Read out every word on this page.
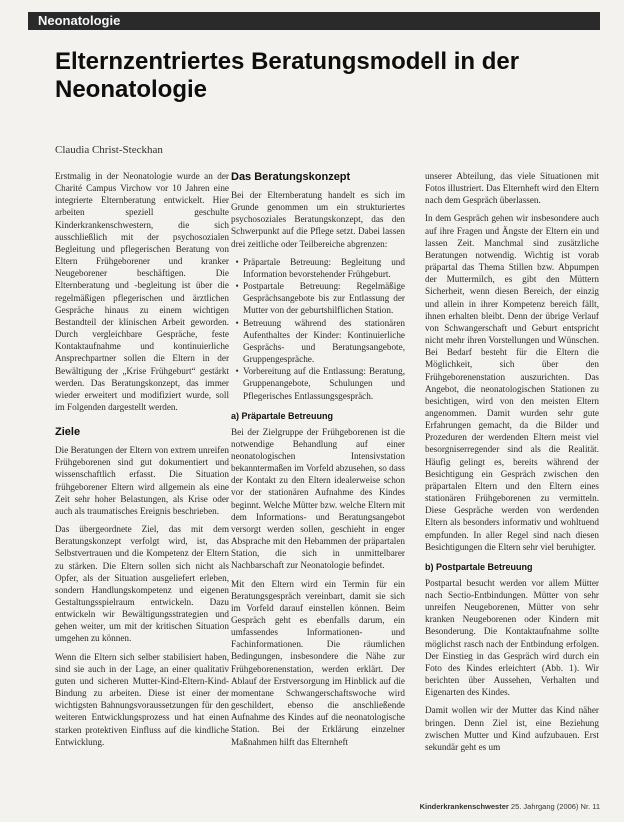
Neonatologie
Elternzentriertes Beratungsmodell in der Neonatologie
Claudia Christ-Steckhan

Erstmalig in der Neonatologie wurde an der Charité Campus Virchow vor 10 Jahren eine integrierte Elternberatung entwickelt. Hier arbeiten speziell geschulte Kinderkrankenschwestern, die sich ausschließlich mit der psychosozialen Begleitung und pflegerischen Beratung von Eltern Frühgeborener und kranker Neugeborener beschäftigen. Die Elternberatung und -begleitung ist über die regelmäßigen pflegerischen und ärztlichen Gespräche hinaus zu einem wichtigen Bestandteil der klinischen Arbeit geworden. Durch vergleichbare Gespräche, feste Kontaktaufnahme und kontinuierliche Ansprechpartner sollen die Eltern in der Bewältigung der „Krise Frühgeburt“ gestärkt werden. Das Beratungskonzept, das immer wieder erweitert und modifiziert wurde, soll im Folgenden dargestellt werden.

Ziele

Die Beratungen der Eltern von extrem unreifen Frühgeborenen sind gut dokumentiert und wissenschaftlich erfasst. Die Situation frühgeborener Eltern wird allgemein als eine Zeit sehr hoher Belastungen, als Krise oder auch als traumatisches Ereignis beschrieben.

Das übergeordnete Ziel, das mit dem Beratungskonzept verfolgt wird, ist, das Selbstvertrauen und die Kompetenz der Eltern zu stärken. Die Eltern sollen sich nicht als Opfer, als der Situation ausgeliefert erleben, sondern Handlungskompetenz und eigenen Gestaltungsspielraum entwickeln. Dazu entwickeln wir Bewältigungsstrategien und gehen weiter, um mit der kritischen Situation umgehen zu können.

Wenn die Eltern sich selber stabilisiert haben, sind sie auch in der Lage, an einer qualitativ guten und sicheren Mutter-Kind-Eltern-Kind-Bindung zu arbeiten. Diese ist einer der wichtigsten Bahnungsvoraussetzungen für den weiteren Entwicklungsprozess und hat einen starken protektiven Einfluss auf die kindliche Entwicklung.

Das Beratungskonzept

Bei der Elternberatung handelt es sich im Grunde genommen um ein strukturiertes psychosoziales Beratungskonzept, das den Schwerpunkt auf die Pflege setzt. Dabei lassen drei zeitliche oder Teilbereiche abgrenzen:

• Präpartale Betreuung: Begleitung und Information bevorstehender Frühgeburt.
• Postpartale Betreuung: Regelmäßige Gesprächsangebote bis zur Entlassung der Mutter von der geburtshilflichen Station.
• Betreuung während des stationären Aufenthaltes der Kinder: Kontinuierliche Gesprächs- und Beratungsangebote, Gruppengespräche.
• Vorbereitung auf die Entlassung: Beratung, Gruppenangebote, Schulungen und Pflegerisches Entlassungsgespräch.
a) Präpartale Betreuung

Bei der Zielgruppe der Frühgeborenen ist die notwendige Behandlung auf einer neonatologischen Intensivstation bekanntermaßen im Vorfeld abzusehen, so dass der Kontakt zu den Eltern idealerweise schon vor der stationären Aufnahme des Kindes beginnt. Welche Mütter bzw. welche Eltern mit dem Informations- und Beratungsangebot versorgt werden sollen, geschieht in enger Absprache mit den Hebammen der präpartalen Station, die sich in unmittelbarer Nachbarschaft zur Neonatologie befindet.

Mit den Eltern wird ein Termin für ein Beratungsgespräch vereinbart, damit sie sich im Vorfeld darauf einstellen können. Beim Gespräch geht es ebenfalls darum, ein umfassendes Informationen- und Fachinformationen. Die räumlichen Bedingungen, insbesondere die Nähe zur Frühgeborenenstation, werden erklärt. Der Ablauf der Erstversorgung im Hinblick auf die momentane Schwangerschaftswoche wird geschildert, ebenso die anschließende Aufnahme des Kindes auf die neonatologische Station. Bei der Erklärung einzelner Maßnahmen hilft das Elternheft

unserer Abteilung, das viele Situationen mit Fotos illustriert. Das Elternheft wird den Eltern nach dem Gespräch überlassen.

In dem Gespräch gehen wir insbesondere auch auf ihre Fragen und Ängste der Eltern ein und lassen Zeit. Manchmal sind zusätzliche Beratungen notwendig. Wichtig ist vorab präpartal das Thema Stillen bzw. Abpumpen der Muttermilch, es gibt den Müttern Sicherheit, wenn diesen Bereich, der einzig und allein in ihrer Kompetenz bereich fällt, ihnen erhalten bleibt. Denn der übrige Verlauf von Schwangerschaft und Geburt entspricht nicht mehr ihren Vorstellungen und Wünschen. Bei Bedarf besteht für die Eltern die Möglichkeit, sich über den Frühgeborenenstation auszurichten. Das Angebot, die neonatologischen Stationen zu besichtigen, wird von den meisten Eltern angenommen. Damit wurden sehr gute Erfahrungen gemacht, da die Bilder und Prozeduren der werdenden Eltern meist viel besorgniserregender sind als die Realität. Häufig gelingt es, bereits während der Besichtigung ein Gespräch zwischen den präpartalen Eltern und den Eltern eines stationären Frühgeborenen zu vermitteln. Diese Gespräche werden von werdenden Eltern als besonders informativ und wohltuend empfunden. In aller Regel sind nach diesen Besichtigungen die Eltern sehr viel beruhigter.

b) Postpartale Betreuung

Postpartal besucht werden vor allem Mütter nach Sectio-Entbindungen. Mütter von sehr unreifen Neugeborenen, Mütter von sehr kranken Neugeborenen oder Kindern mit Besonderung. Die Kontaktaufnahme sollte möglichst rasch nach der Entbindung erfolgen. Der Einstieg in das Gespräch wird durch ein Foto des Kindes erleichtert (Abb. 1). Wir berichten über Aussehen, Verhalten und Eigenarten des Kindes.

Damit wollen wir der Mutter das Kind näher bringen. Denn Ziel ist, eine Beziehung zwischen Mutter und Kind aufzubauen. Erst sekundär geht es um

Kinderkrankenschwester 25. Jahrgang (2006) Nr. 11
